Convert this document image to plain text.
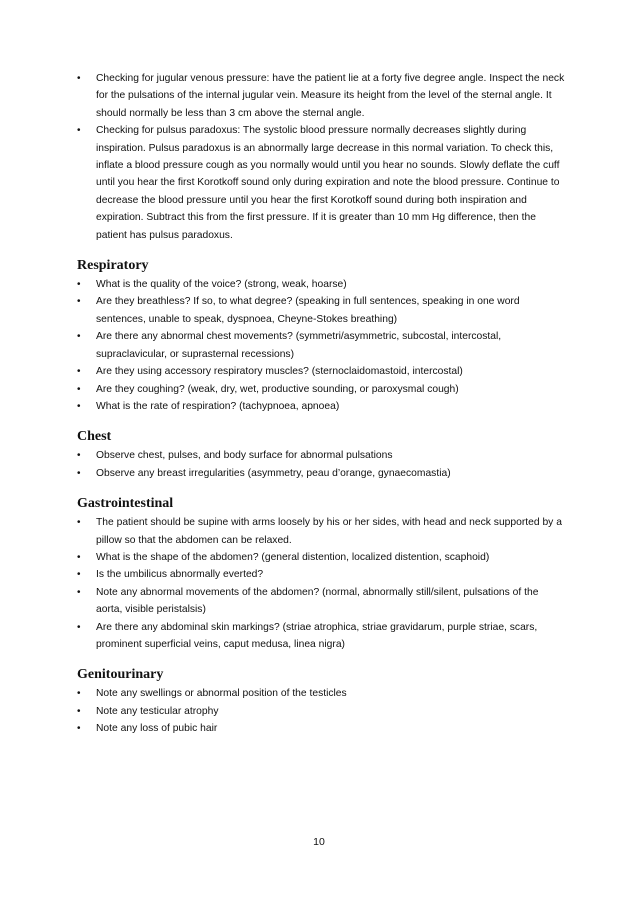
• Checking for jugular venous pressure: have the patient lie at a forty five degree angle. Inspect the neck for the pulsations of the internal jugular vein. Measure its height from the level of the sternal angle. It should normally be less than 3 cm above the sternal angle.
• Checking for pulsus paradoxus: The systolic blood pressure normally decreases slightly during inspiration. Pulsus paradoxus is an abnormally large decrease in this normal variation. To check this, inflate a blood pressure cough as you normally would until you hear no sounds. Slowly deflate the cuff until you hear the first Korotkoff sound only during expiration and note the blood pressure. Continue to decrease the blood pressure until you hear the first Korotkoff sound during both inspiration and expiration. Subtract this from the first pressure. If it is greater than 10 mm Hg difference, then the patient has pulsus paradoxus.
Respiratory
• What is the quality of the voice? (strong, weak, hoarse)
• Are they breathless? If so, to what degree? (speaking in full sentences, speaking in one word sentences, unable to speak, dyspnoea, Cheyne-Stokes breathing)
• Are there any abnormal chest movements? (symmetri/asymmetric, subcostal, intercostal, supraclavicular, or suprasternal recessions)
• Are they using accessory respiratory muscles? (sternoclaidomastoid, intercostal)
• Are they coughing? (weak, dry, wet, productive sounding, or paroxysmal cough)
• What is the rate of respiration? (tachypnoea, apnoea)
Chest
• Observe chest, pulses, and body surface for abnormal pulsations
• Observe any breast irregularities (asymmetry, peau d’orange, gynaecomastia)
Gastrointestinal
• The patient should be supine with arms loosely by his or her sides, with head and neck supported by a pillow so that the abdomen can be relaxed.
• What is the shape of the abdomen? (general distention, localized distention, scaphoid)
• Is the umbilicus abnormally everted?
• Note any abnormal movements of the abdomen? (normal, abnormally still/silent, pulsations of the aorta, visible peristalsis)
• Are there any abdominal skin markings? (striae atrophica, striae gravidarum, purple striae, scars, prominent superficial veins, caput medusa, linea nigra)
Genitourinary
• Note any swellings or abnormal position of the testicles
• Note any testicular atrophy
• Note any loss of pubic hair
10
